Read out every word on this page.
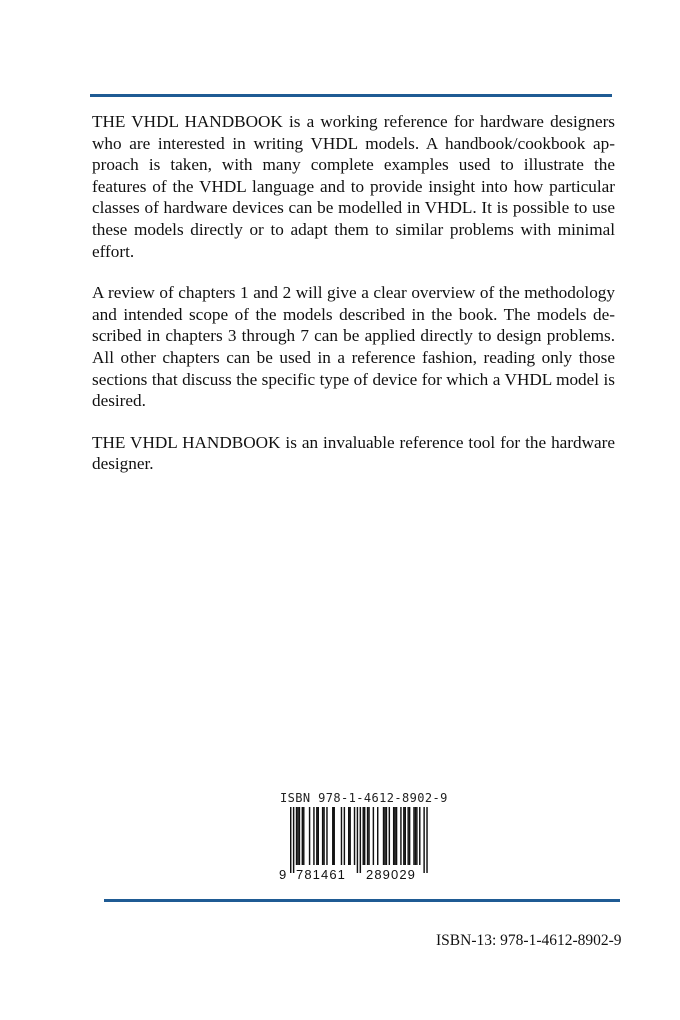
THE VHDL HANDBOOK is a working reference for hardware designers who are interested in writing VHDL models. A handbook/cookbook approach is taken, with many complete examples used to illustrate the features of the VHDL language and to provide insight into how particular classes of hardware devices can be modelled in VHDL. It is possible to use these models directly or to adapt them to similar problems with minimal effort.

A review of chapters 1 and 2 will give a clear overview of the methodology and intended scope of the models described in the book. The models described in chapters 3 through 7 can be applied directly to design problems. All other chapters can be used in a reference fashion, reading only those sections that discuss the specific type of device for which a VHDL model is desired.

THE VHDL HANDBOOK is an invaluable reference tool for the hardware designer.

ISBN 978-1-4612-8902-9
9 781461 289029
ISBN-13: 978-1-4612-8902-9
